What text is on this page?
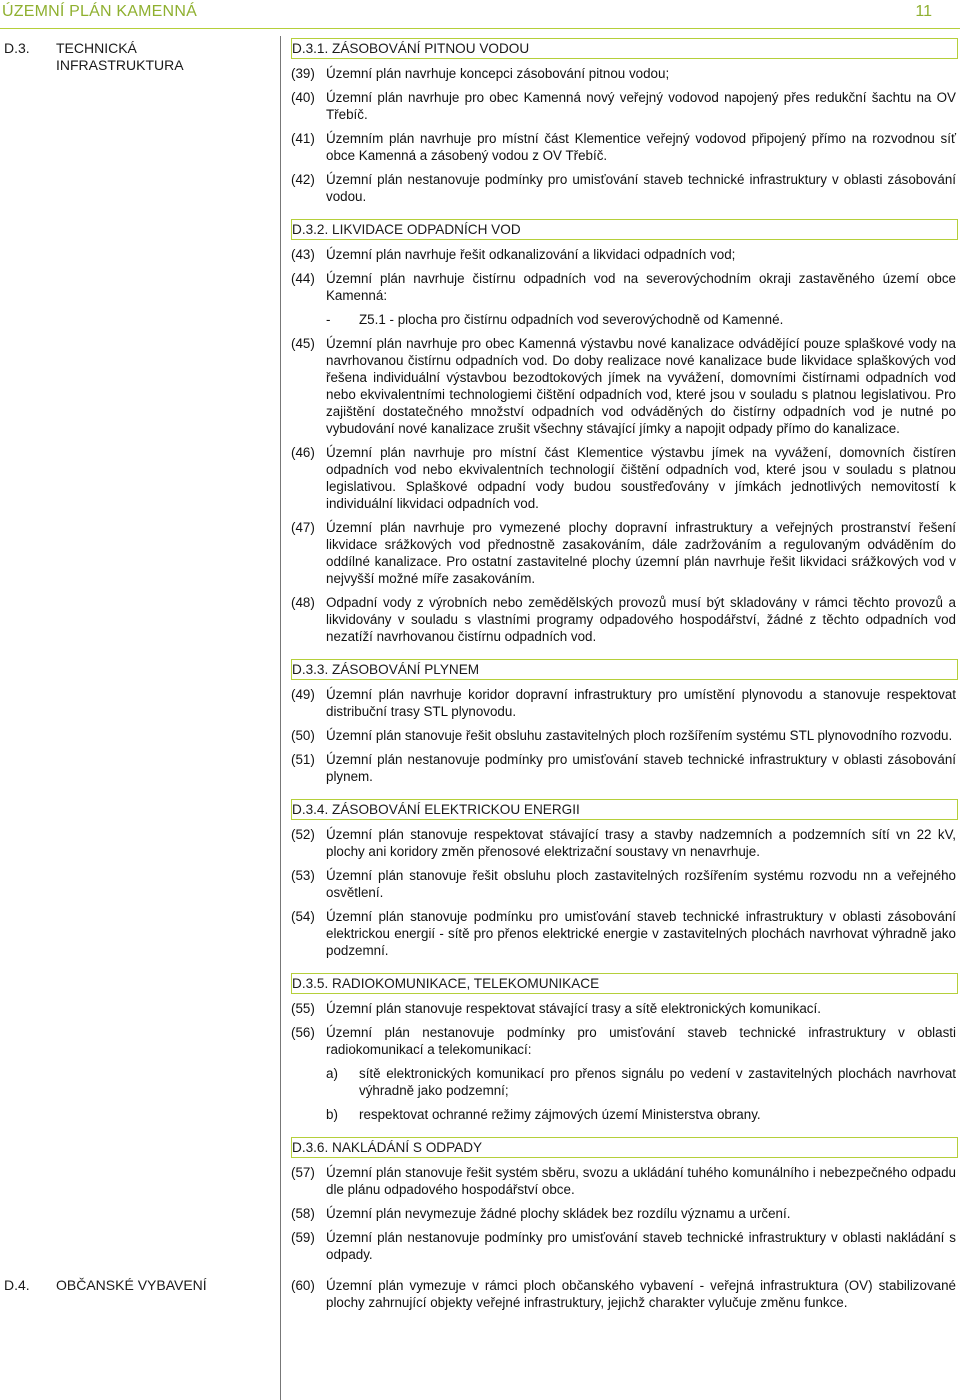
ÚZEMNÍ PLÁN KAMENNÁ	11
D.3.	TECHNICKÁ INFRASTRUKTURA
D.3.1. ZÁSOBOVÁNÍ PITNOU VODOU
(39) Územní plán navrhuje koncepci zásobování pitnou vodou;
(40) Územní plán navrhuje pro obec Kamenná nový veřejný vodovod napojený přes redukční šachtu na OV Třebíč.
(41) Územním plán navrhuje pro místní část Klementice veřejný vodovod připojený přímo na rozvodnou síť obce Kamenná a zásobený vodou z OV Třebíč.
(42) Územní plán nestanovuje podmínky pro umisťování staveb technické infrastruktury v oblasti zásobování vodou.
D.3.2. LIKVIDACE ODPADNÍCH VOD
(43) Územní plán navrhuje řešit odkanalizování a likvidaci odpadních vod;
(44) Územní plán navrhuje čistírnu odpadních vod na severovýchodním okraji zastavěného území obce Kamenná:
-	Z5.1 - plocha pro čistírnu odpadních vod severovýchodně od Kamenné.
(45) Územní plán navrhuje pro obec Kamenná výstavbu nové kanalizace odvádějící pouze splaškové vody na navrhovanou čistírnu odpadních vod. Do doby realizace nové kanalizace bude likvidace splaškových vod řešena individuální výstavbou bezodtokových jímek na vyvážení, domovními čistírnami odpadních vod nebo ekvivalentními technologiemi čištění odpadních vod, které jsou v souladu s platnou legislativou. Pro zajištění dostatečného množství odpadních vod odváděných do čistírny odpadních vod je nutné po vybudování nové kanalizace zrušit všechny stávající jímky a napojit odpady přímo do kanalizace.
(46) Územní plán navrhuje pro místní část Klementice výstavbu jímek na vyvážení, domovních čistíren odpadních vod nebo ekvivalentních technologií čištění odpadních vod, které jsou v souladu s platnou legislativou. Splaškové odpadní vody budou soustřeďovány v jímkách jednotlivých nemovitostí k individuální likvidaci odpadních vod.
(47) Územní plán navrhuje pro vymezené plochy dopravní infrastruktury a veřejných prostranství řešení likvidace srážkových vod přednostně zasakováním, dále zadržováním a regulovaným odváděním do oddílné kanalizace. Pro ostatní zastavitelné plochy územní plán navrhuje řešit likvidaci srážkových vod v nejvyšší možné míře zasakováním.
(48) Odpadní vody z výrobních nebo zemědělských provozů musí být skladovány v rámci těchto provozů a likvidovány v souladu s vlastními programy odpadového hospodářství, žádné z těchto odpadních vod nezatíží navrhovanou čistírnu odpadních vod.
D.3.3. ZÁSOBOVÁNÍ PLYNEM
(49) Územní plán navrhuje koridor dopravní infrastruktury pro umístění plynovodu a stanovuje respektovat distribuční trasy STL plynovodu.
(50) Územní plán stanovuje řešit obsluhu zastavitelných ploch rozšířením systému STL plynovodního rozvodu.
(51) Územní plán nestanovuje podmínky pro umisťování staveb technické infrastruktury v oblasti zásobování plynem.
D.3.4. ZÁSOBOVÁNÍ ELEKTRICKOU ENERGII
(52) Územní plán stanovuje respektovat stávající trasy a stavby nadzemních a podzemních sítí vn 22 kV, plochy ani koridory změn přenosové elektrizační soustavy vn nenavrhuje.
(53) Územní plán stanovuje řešit obsluhu ploch zastavitelných rozšířením systému rozvodu nn a veřejného osvětlení.
(54) Územní plán stanovuje podmínku pro umisťování staveb technické infrastruktury v oblasti zásobování elektrickou energií - sítě pro přenos elektrické energie v zastavitelných plochách navrhovat výhradně jako podzemní.
D.3.5. RADIOKOMUNIKACE, TELEKOMUNIKACE
(55) Územní plán stanovuje respektovat stávající trasy a sítě elektronických komunikací.
(56) Územní plán nestanovuje podmínky pro umisťování staveb technické infrastruktury v oblasti radiokomunikací a telekomunikací:
a)	sítě elektronických komunikací pro přenos signálu po vedení v zastavitelných plochách navrhovat výhradně jako podzemní;
b)	respektovat ochranné režimy zájmových území Ministerstva obrany.
D.3.6. NAKLÁDÁNÍ S ODPADY
(57) Územní plán stanovuje řešit systém sběru, svozu a ukládání tuhého komunálního i nebezpečného odpadu dle plánu odpadového hospodářství obce.
(58) Územní plán nevymezuje žádné plochy skládek bez rozdílu významu a určení.
(59) Územní plán nestanovuje podmínky pro umisťování staveb technické infrastruktury v oblasti nakládání s odpady.
(60) Územní plán vymezuje v rámci ploch občanského vybavení - veřejná infrastruktura (OV) stabilizované plochy zahrnující objekty veřejné infrastruktury, jejichž charakter vylučuje změnu funkce.
D.4.	OBČANSKÉ VYBAVENÍ
